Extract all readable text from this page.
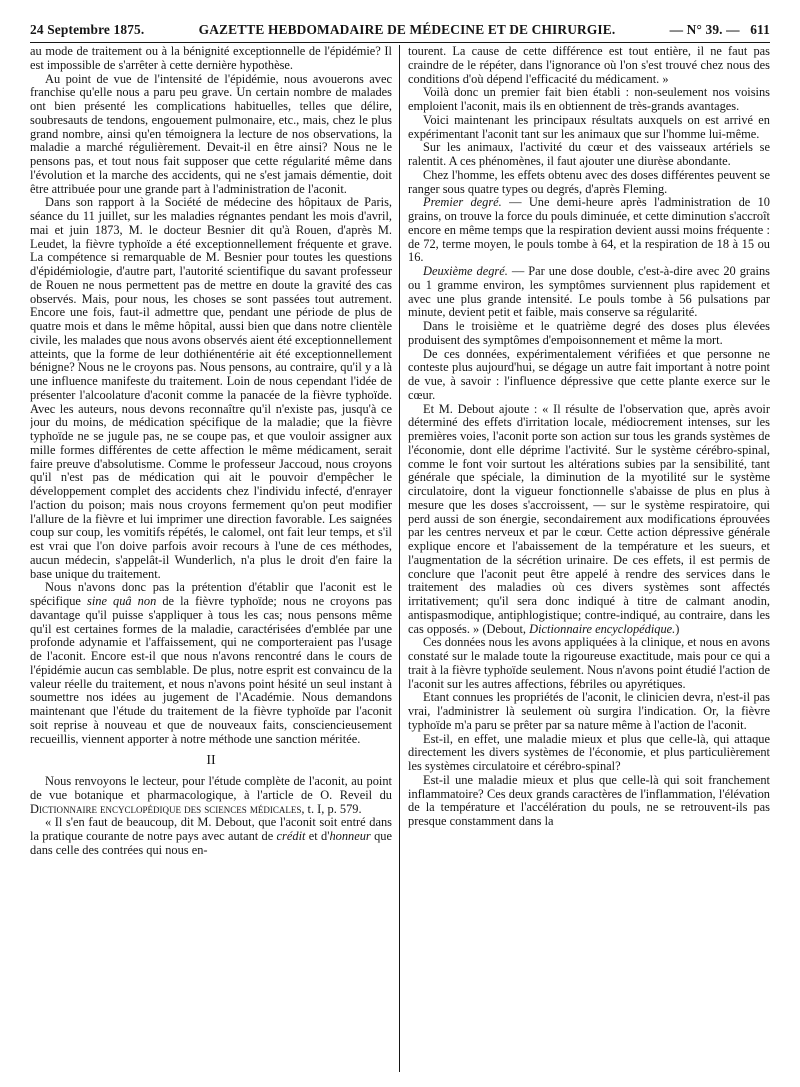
24 Septembre 1875.	GAZETTE HEBDOMADAIRE DE MÉDECINE ET DE CHIRURGIE.	— N° 39. — 611

au mode de traitement ou à la bénignité exceptionnelle de l'épidémie? Il est impossible de s'arrêter à cette dernière hypothèse.

Au point de vue de l'intensité de l'épidémie, nous avouerons avec franchise qu'elle nous a paru peu grave. Un certain nombre de malades ont bien présenté les complications habituelles, telles que délire, soubresauts de tendons, engouement pulmonaire, etc., mais, chez le plus grand nombre, ainsi qu'en témoignera la lecture de nos observations, la maladie a marché régulièrement. Devait-il en être ainsi? Nous ne le pensons pas, et tout nous fait supposer que cette régularité même dans l'évolution et la marche des accidents, qui ne s'est jamais démentie, doit être attribuée pour une grande part à l'administration de l'aconit.

Dans son rapport à la Société de médecine des hôpitaux de Paris, séance du 11 juillet, sur les maladies régnantes pendant les mois d'avril, mai et juin 1873, M. le docteur Besnier dit qu'à Rouen, d'après M. Leudet, la fièvre typhoïde a été exceptionnellement fréquente et grave. La compétence si remarquable de M. Besnier pour toutes les questions d'épidémiologie, d'autre part, l'autorité scientifique du savant professeur de Rouen ne nous permettent pas de mettre en doute la gravité des cas observés. Mais, pour nous, les choses se sont passées tout autrement. Encore une fois, faut-il admettre que, pendant une période de plus de quatre mois et dans le même hôpital, aussi bien que dans notre clientèle civile, les malades que nous avons observés aient été exceptionnellement atteints, que la forme de leur dothiénentérie ait été exceptionnellement bénigne? Nous ne le croyons pas. Nous pensons, au contraire, qu'il y a là une influence manifeste du traitement. Loin de nous cependant l'idée de présenter l'alcoolature d'aconit comme la panacée de la fièvre typhoïde. Avec les auteurs, nous devons reconnaître qu'il n'existe pas, jusqu'à ce jour du moins, de médication spécifique de la maladie; que la fièvre typhoïde ne se jugule pas, ne se coupe pas, et que vouloir assigner aux mille formes différentes de cette affection le même médicament, serait faire preuve d'absolutisme. Comme le professeur Jaccoud, nous croyons qu'il n'est pas de médication qui ait le pouvoir d'empêcher le développement complet des accidents chez l'individu infecté, d'enrayer l'action du poison; mais nous croyons fermement qu'on peut modifier l'allure de la fièvre et lui imprimer une direction favorable. Les saignées coup sur coup, les vomitifs répétés, le calomel, ont fait leur temps, et s'il est vrai que l'on doive parfois avoir recours à l'une de ces méthodes, aucun médecin, s'appelât-il Wunderlich, n'a plus le droit d'en faire la base unique du traitement.

Nous n'avons donc pas la prétention d'établir que l'aconit est le spécifique sine quâ non de la fièvre typhoïde; nous ne croyons pas davantage qu'il puisse s'appliquer à tous les cas; nous pensons même qu'il est certaines formes de la maladie, caractérisées d'emblée par une profonde adynamie et l'affaissement, qui ne comporteraient pas l'usage de l'aconit. Encore est-il que nous n'avons rencontré dans le cours de l'épidémie aucun cas semblable. De plus, notre esprit est convaincu de la valeur réelle du traitement, et nous n'avons point hésité un seul instant à soumettre nos idées au jugement de l'Académie. Nous demandons maintenant que l'étude du traitement de la fièvre typhoïde par l'aconit soit reprise à nouveau et que de nouveaux faits, consciencieusement recueillis, viennent apporter à notre méthode une sanction méritée.

II

Nous renvoyons le lecteur, pour l'étude complète de l'aconit, au point de vue botanique et pharmacologique, à l'article de O. Reveil du Dictionnaire encyclopédique des sciences médicales, t. I, p. 579.

« Il s'en faut de beaucoup, dit M. Debout, que l'aconit soit entré dans la pratique courante de notre pays avec autant de crédit et d'honneur que dans celle des contrées qui nous en-

tourent. La cause de cette différence est tout entière, il ne faut pas craindre de le répéter, dans l'ignorance où l'on s'est trouvé chez nous des conditions d'où dépend l'efficacité du médicament. »

Voilà donc un premier fait bien établi : non-seulement nos voisins emploient l'aconit, mais ils en obtiennent de très-grands avantages.

Voici maintenant les principaux résultats auxquels on est arrivé en expérimentant l'aconit tant sur les animaux que sur l'homme lui-même.

Sur les animaux, l'activité du cœur et des vaisseaux artériels se ralentit. A ces phénomènes, il faut ajouter une diurèse abondante.

Chez l'homme, les effets obtenu avec des doses différentes peuvent se ranger sous quatre types ou degrés, d'après Fleming.

Premier degré. — Une demi-heure après l'administration de 10 grains, on trouve la force du pouls diminuée, et cette diminution s'accroît encore en même temps que la respiration devient aussi moins fréquente : de 72, terme moyen, le pouls tombe à 64, et la respiration de 18 à 15 ou 16.

Deuxième degré. — Par une dose double, c'est-à-dire avec 20 grains ou 1 gramme environ, les symptômes surviennent plus rapidement et avec une plus grande intensité. Le pouls tombe à 56 pulsations par minute, devient petit et faible, mais conserve sa régularité.

Dans le troisième et le quatrième degré des doses plus élevées produisent des symptômes d'empoisonnement et même la mort.

De ces données, expérimentalement vérifiées et que personne ne conteste plus aujourd'hui, se dégage un autre fait important à notre point de vue, à savoir : l'influence dépressive que cette plante exerce sur le cœur.

Et M. Debout ajoute : « Il résulte de l'observation que, après avoir déterminé des effets d'irritation locale, médiocrement intenses, sur les premières voies, l'aconit porte son action sur tous les grands systèmes de l'économie, dont elle déprime l'activité. Sur le système cérébro-spinal, comme le font voir surtout les altérations subies par la sensibilité, tant générale que spéciale, la diminution de la myotilité sur le système circulatoire, dont la vigueur fonctionnelle s'abaisse de plus en plus à mesure que les doses s'accroissent, — sur le système respiratoire, qui perd aussi de son énergie, secondairement aux modifications éprouvées par les centres nerveux et par le cœur. Cette action dépressive générale explique encore et l'abaissement de la température et les sueurs, et l'augmentation de la sécrétion urinaire. De ces effets, il est permis de conclure que l'aconit peut être appelé à rendre des services dans le traitement des maladies où ces divers systèmes sont affectés irritativement; qu'il sera donc indiqué à titre de calmant anodin, antispasmodique, antiphlogistique; contre-indiqué, au contraire, dans les cas opposés. » (Debout, Dictionnaire encyclopédique.)

Ces données nous les avons appliquées à la clinique, et nous en avons constaté sur le malade toute la rigoureuse exactitude, mais pour ce qui a trait à la fièvre typhoïde seulement. Nous n'avons point étudié l'action de l'aconit sur les autres affections, fébriles ou apyrétiques.

Etant connues les propriétés de l'aconit, le clinicien devra, n'est-il pas vrai, l'administrer là seulement où surgira l'indication. Or, la fièvre typhoïde m'a paru se prêter par sa nature même à l'action de l'aconit.

Est-il, en effet, une maladie mieux et plus que celle-là, qui attaque directement les divers systèmes de l'économie, et plus particulièrement les systèmes circulatoire et cérébro-spinal?

Est-il une maladie mieux et plus que celle-là qui soit franchement inflammatoire? Ces deux grands caractères de l'inflammation, l'élévation de la température et l'accélération du pouls, ne se retrouvent-ils pas presque constamment dans la
